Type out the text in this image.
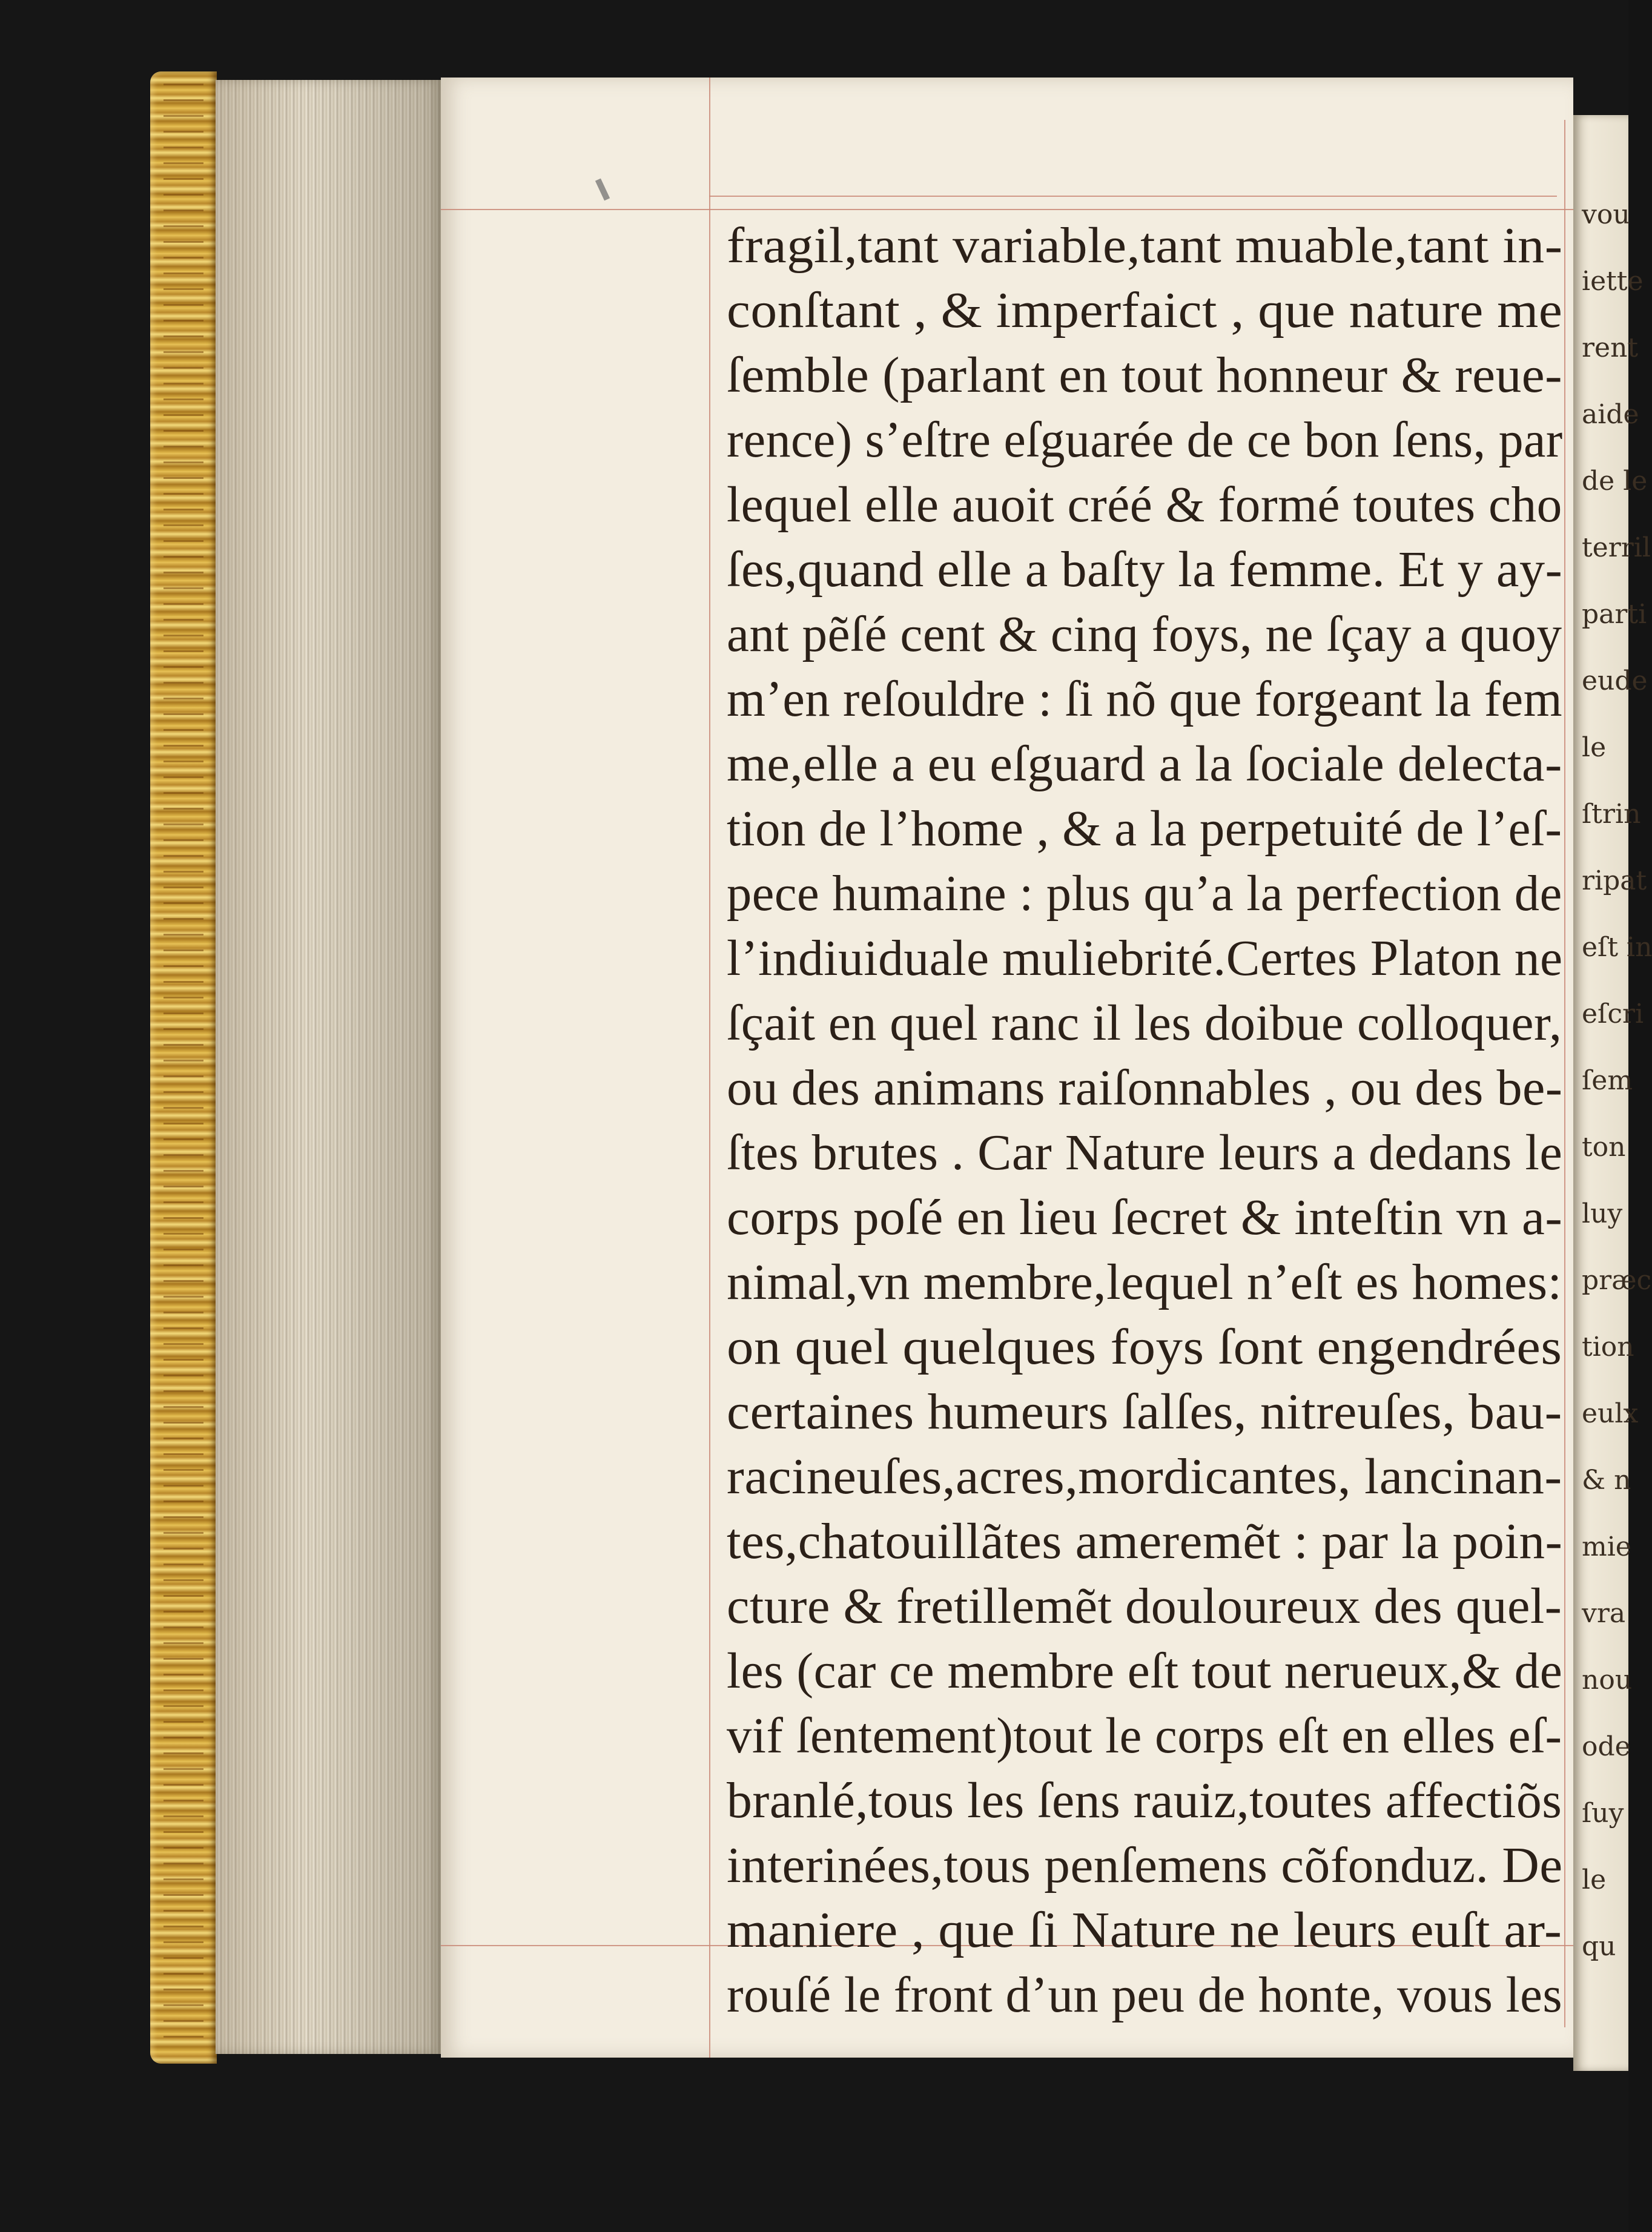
fragil,tant variable,tant muable,tant in-
conſtant , & imperfaict , que nature me
ſemble (parlant en tout honneur & reue-
rence) s’eſtre eſguarée de ce bon ſens, par
lequel elle auoit créé & formé toutes cho
ſes,quand elle a baſty la femme. Et y ay-
ant pẽſé cent & cinq foys, ne ſçay a quoy
m’en reſouldre : ſi nõ que forgeant la fem
me,elle a eu eſguard a la ſociale delecta-
tion de l’home , & a la perpetuité de l’eſ-
pece humaine : plus qu’a la perfection de
l’indiuiduale muliebrité.Certes Platon ne
ſçait en quel ranc il les doibue colloquer,
ou des animans raiſonnables , ou des be-
ſtes brutes . Car Nature leurs a dedans le
corps poſé en lieu ſecret & inteſtin vn a-
nimal,vn membre,lequel n’eſt es homes:
on quel quelques foys ſont engendrées
certaines humeurs ſalſes, nitreuſes, bau-
racineuſes,acres,mordicantes, lancinan-
tes,chatouillãtes ameremẽt : par la poin-
cture & fretillemẽt douloureux des quel-
les (car ce membre eſt tout nerueux,& de
vif ſentement)tout le corps eſt en elles eſ-
branlé,tous les ſens rauiz,toutes affectiõs
interinées,tous penſemens cõfonduz. De
maniere , que ſi Nature ne leurs euſt ar-
rouſé le front d’un peu de honte, vous les
vou
iette
rent
aide
de le
terril
parti
eude
le
ſtrin
ripat
eſt in
eſcri
ſem
ton
luy
præc
tion
eulx
& n
mie
vra
nou
ode
ſuy
le
qu
